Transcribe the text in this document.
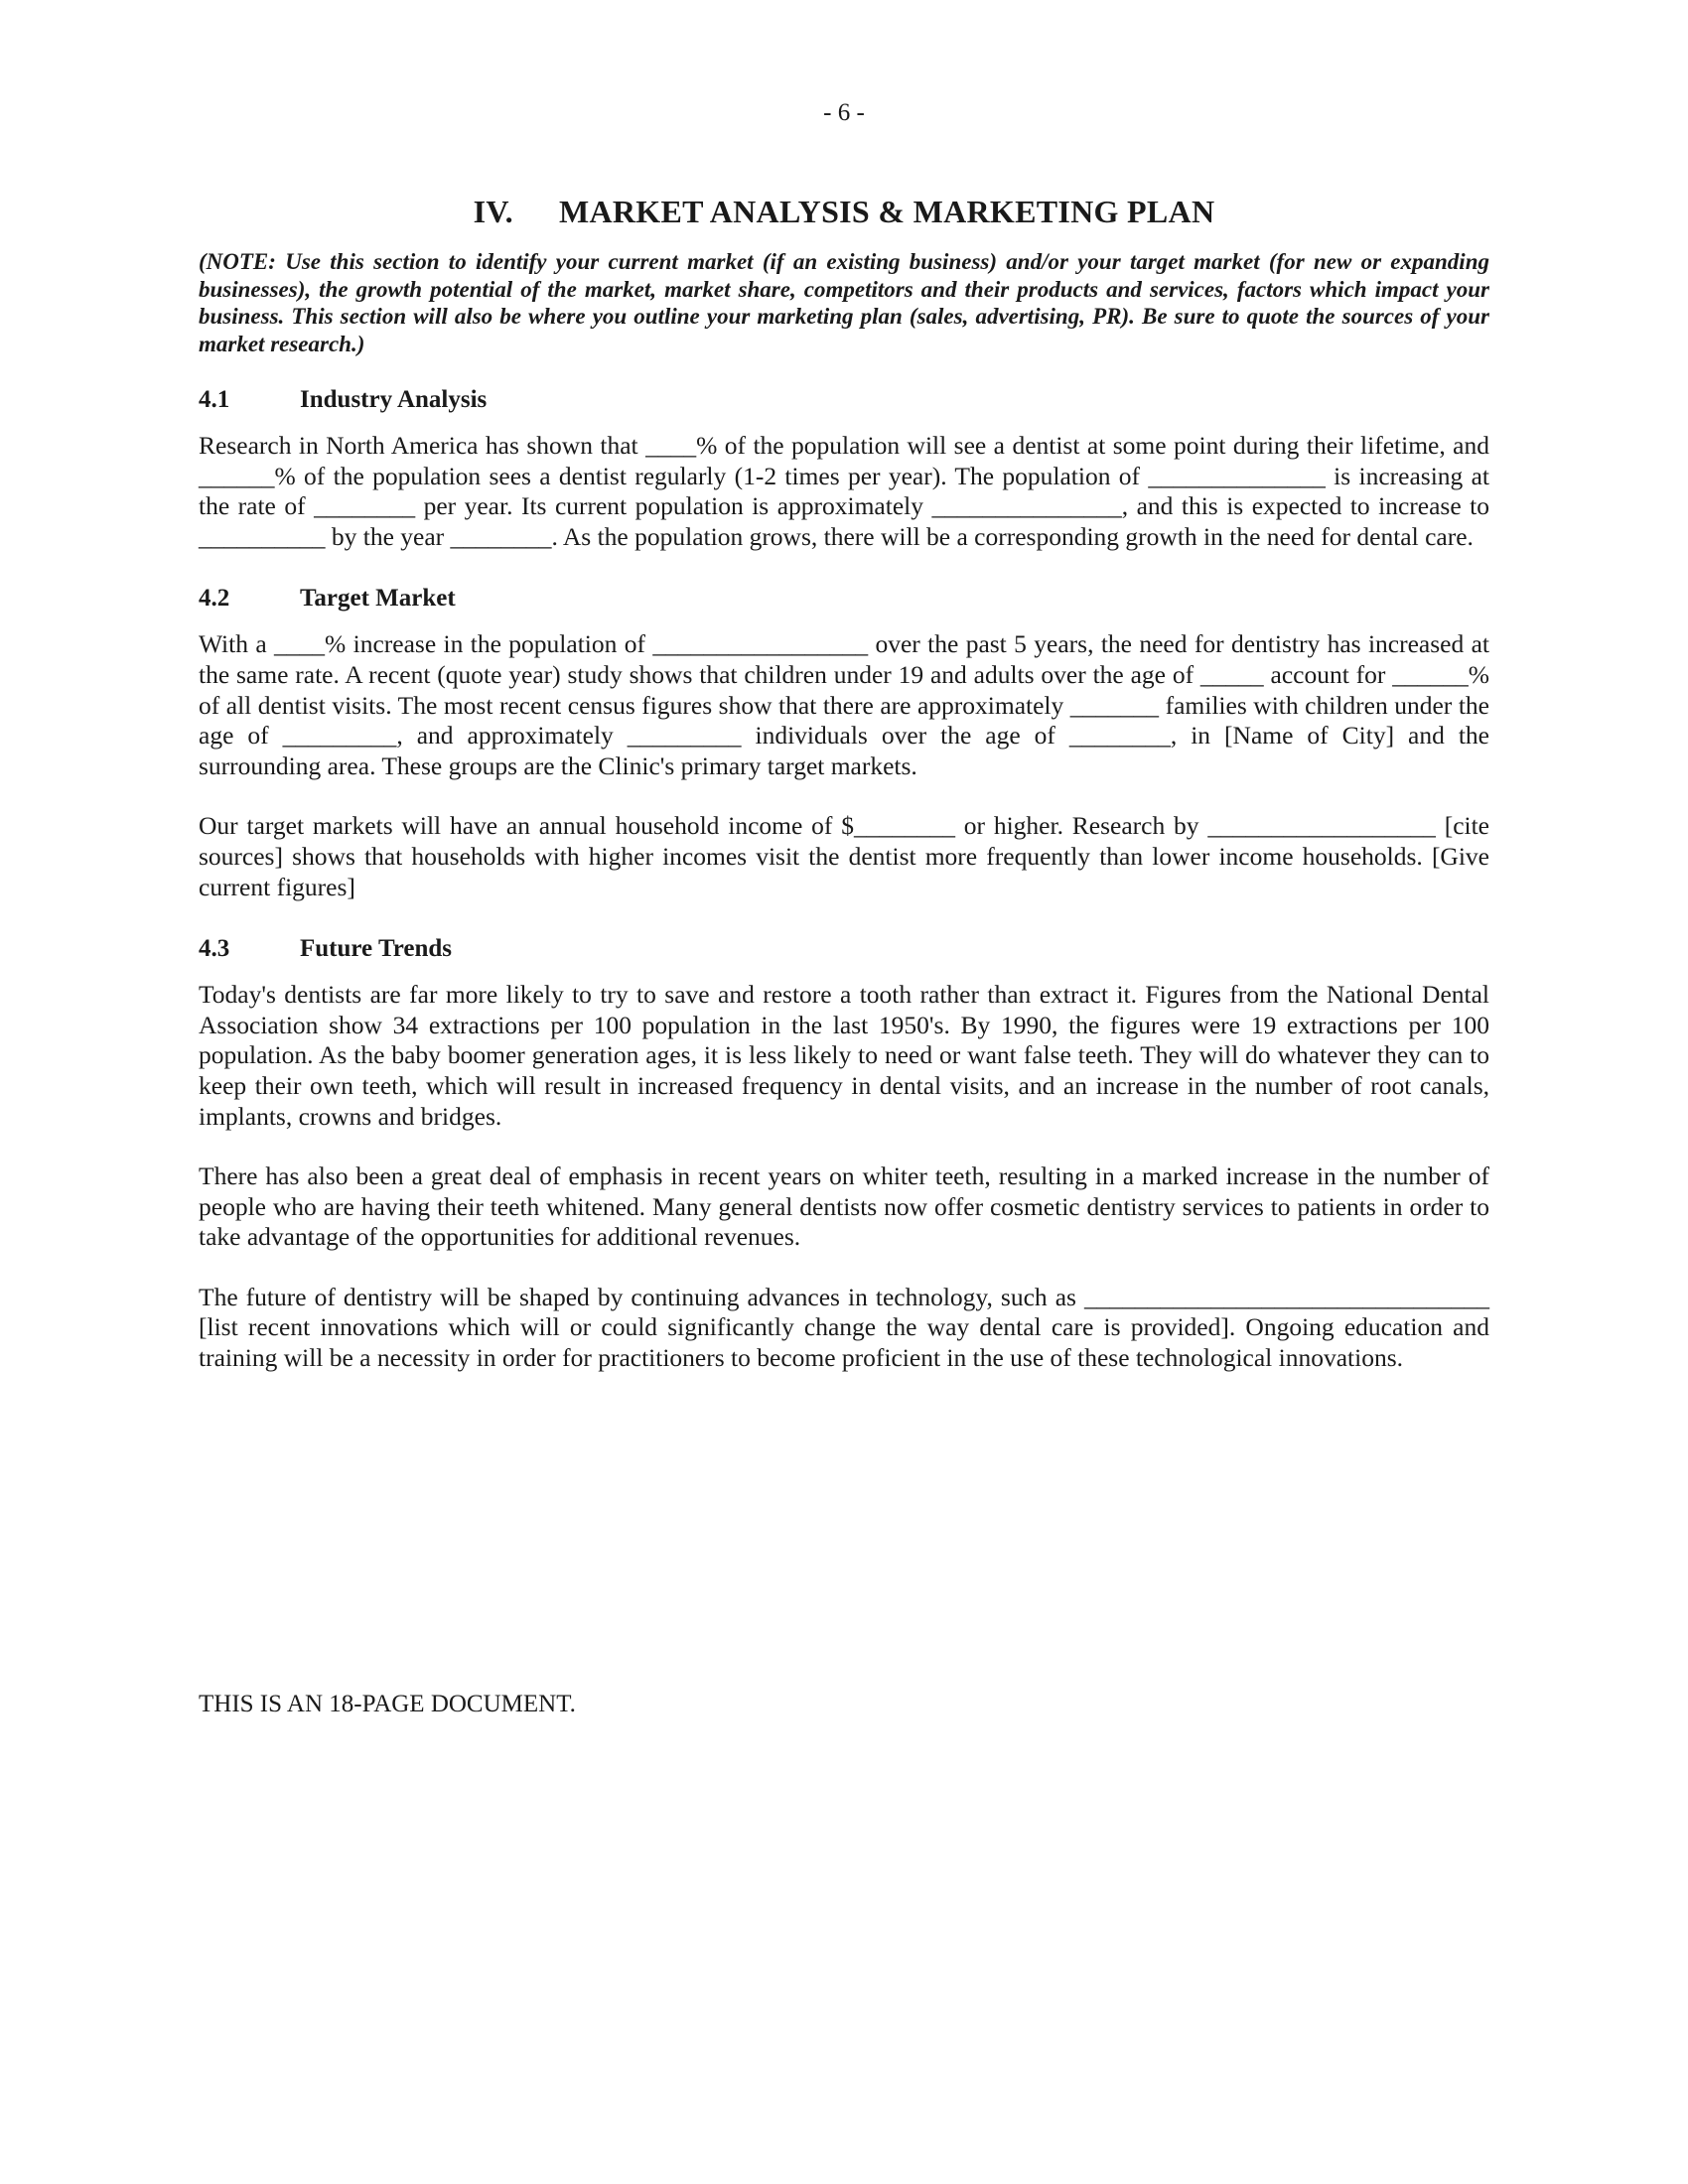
- 6 -
IV. MARKET ANALYSIS & MARKETING PLAN
(NOTE: Use this section to identify your current market (if an existing business) and/or your target market (for new or expanding businesses), the growth potential of the market, market share, competitors and their products and services, factors which impact your business. This section will also be where you outline your marketing plan (sales, advertising, PR). Be sure to quote the sources of your market research.)
4.1	Industry Analysis

Research in North America has shown that ____% of the population will see a dentist at some point during their lifetime, and ______% of the population sees a dentist regularly (1-2 times per year). The population of ______________ is increasing at the rate of ________ per year. Its current population is approximately _______________, and this is expected to increase to __________ by the year ________. As the population grows, there will be a corresponding growth in the need for dental care.

4.2	Target Market

With a ____% increase in the population of _________________ over the past 5 years, the need for dentistry has increased at the same rate. A recent (quote year) study shows that children under 19 and adults over the age of _____ account for ______% of all dentist visits. The most recent census figures show that there are approximately _______ families with children under the age of _________, and approximately _________ individuals over the age of ________, in [Name of City] and the surrounding area. These groups are the Clinic's primary target markets.

Our target markets will have an annual household income of $________ or higher. Research by __________________ [cite sources] shows that households with higher incomes visit the dentist more frequently than lower income households. [Give current figures]

4.3	Future Trends

Today's dentists are far more likely to try to save and restore a tooth rather than extract it. Figures from the National Dental Association show 34 extractions per 100 population in the last 1950's. By 1990, the figures were 19 extractions per 100 population. As the baby boomer generation ages, it is less likely to need or want false teeth. They will do whatever they can to keep their own teeth, which will result in increased frequency in dental visits, and an increase in the number of root canals, implants, crowns and bridges.

There has also been a great deal of emphasis in recent years on whiter teeth, resulting in a marked increase in the number of people who are having their teeth whitened. Many general dentists now offer cosmetic dentistry services to patients in order to take advantage of the opportunities for additional revenues.

The future of dentistry will be shaped by continuing advances in technology, such as ________________________________ [list recent innovations which will or could significantly change the way dental care is provided]. Ongoing education and training will be a necessity in order for practitioners to become proficient in the use of these technological innovations.

THIS IS AN 18-PAGE DOCUMENT.
